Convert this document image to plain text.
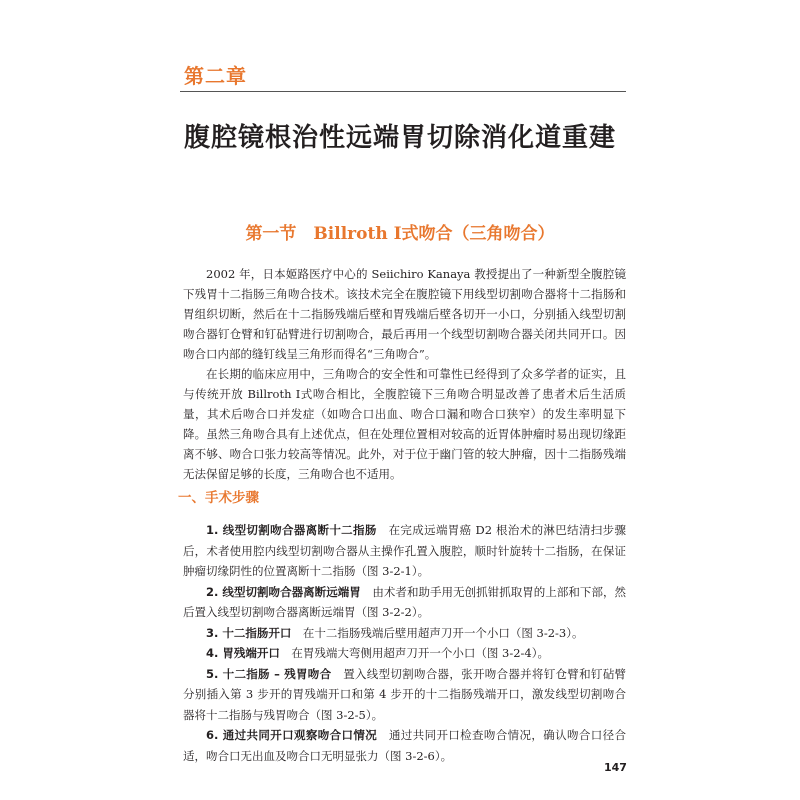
第二章
腹腔镜根治性远端胃切除消化道重建
第一节　Billroth Ⅰ式吻合（三角吻合）

2002 年，日本姬路医疗中心的 Seiichiro Kanaya 教授提出了一种新型全腹腔镜下残胃十二指肠三角吻合技术。该技术完全在腹腔镜下用线型切割吻合器将十二指肠和胃组织切断，然后在十二指肠残端后壁和胃残端后壁各切开一小口，分别插入线型切割吻合器钉仓臂和钉砧臂进行切割吻合，最后再用一个线型切割吻合器关闭共同开口。因吻合口内部的缝钉线呈三角形而得名“三角吻合”。

在长期的临床应用中，三角吻合的安全性和可靠性已经得到了众多学者的证实，且与传统开放 Billroth Ⅰ式吻合相比，全腹腔镜下三角吻合明显改善了患者术后生活质量，其术后吻合口并发症（如吻合口出血、吻合口漏和吻合口狭窄）的发生率明显下降。虽然三角吻合具有上述优点，但在处理位置相对较高的近胃体肿瘤时易出现切缘距离不够、吻合口张力较高等情况。此外，对于位于幽门管的较大肿瘤，因十二指肠残端无法保留足够的长度，三角吻合也不适用。

一、手术步骤

1. 线型切割吻合器离断十二指肠　 在完成远端胃癌 D2 根治术的淋巴结清扫步骤后，术者使用腔内线型切割吻合器从主操作孔置入腹腔，顺时针旋转十二指肠，在保证肿瘤切缘阴性的位置离断十二指肠（图 3-2-1）。

2. 线型切割吻合器离断远端胃　 由术者和助手用无创抓钳抓取胃的上部和下部，然后置入线型切割吻合器离断远端胃（图 3-2-2）。

3. 十二指肠开口　 在十二指肠残端后壁用超声刀开一个小口（图 3-2-3）。

4. 胃残端开口　 在胃残端大弯侧用超声刀开一个小口（图 3-2-4）。

5. 十二指肠 – 残胃吻合　 置入线型切割吻合器，张开吻合器并将钉仓臂和钉砧臂分别插入第 3 步开的胃残端开口和第 4 步开的十二指肠残端开口，激发线型切割吻合器将十二指肠与残胃吻合（图 3-2-5）。

6. 通过共同开口观察吻合口情况　 通过共同开口检查吻合情况，确认吻合口径合适，吻合口无出血及吻合口无明显张力（图 3-2-6）。

147
